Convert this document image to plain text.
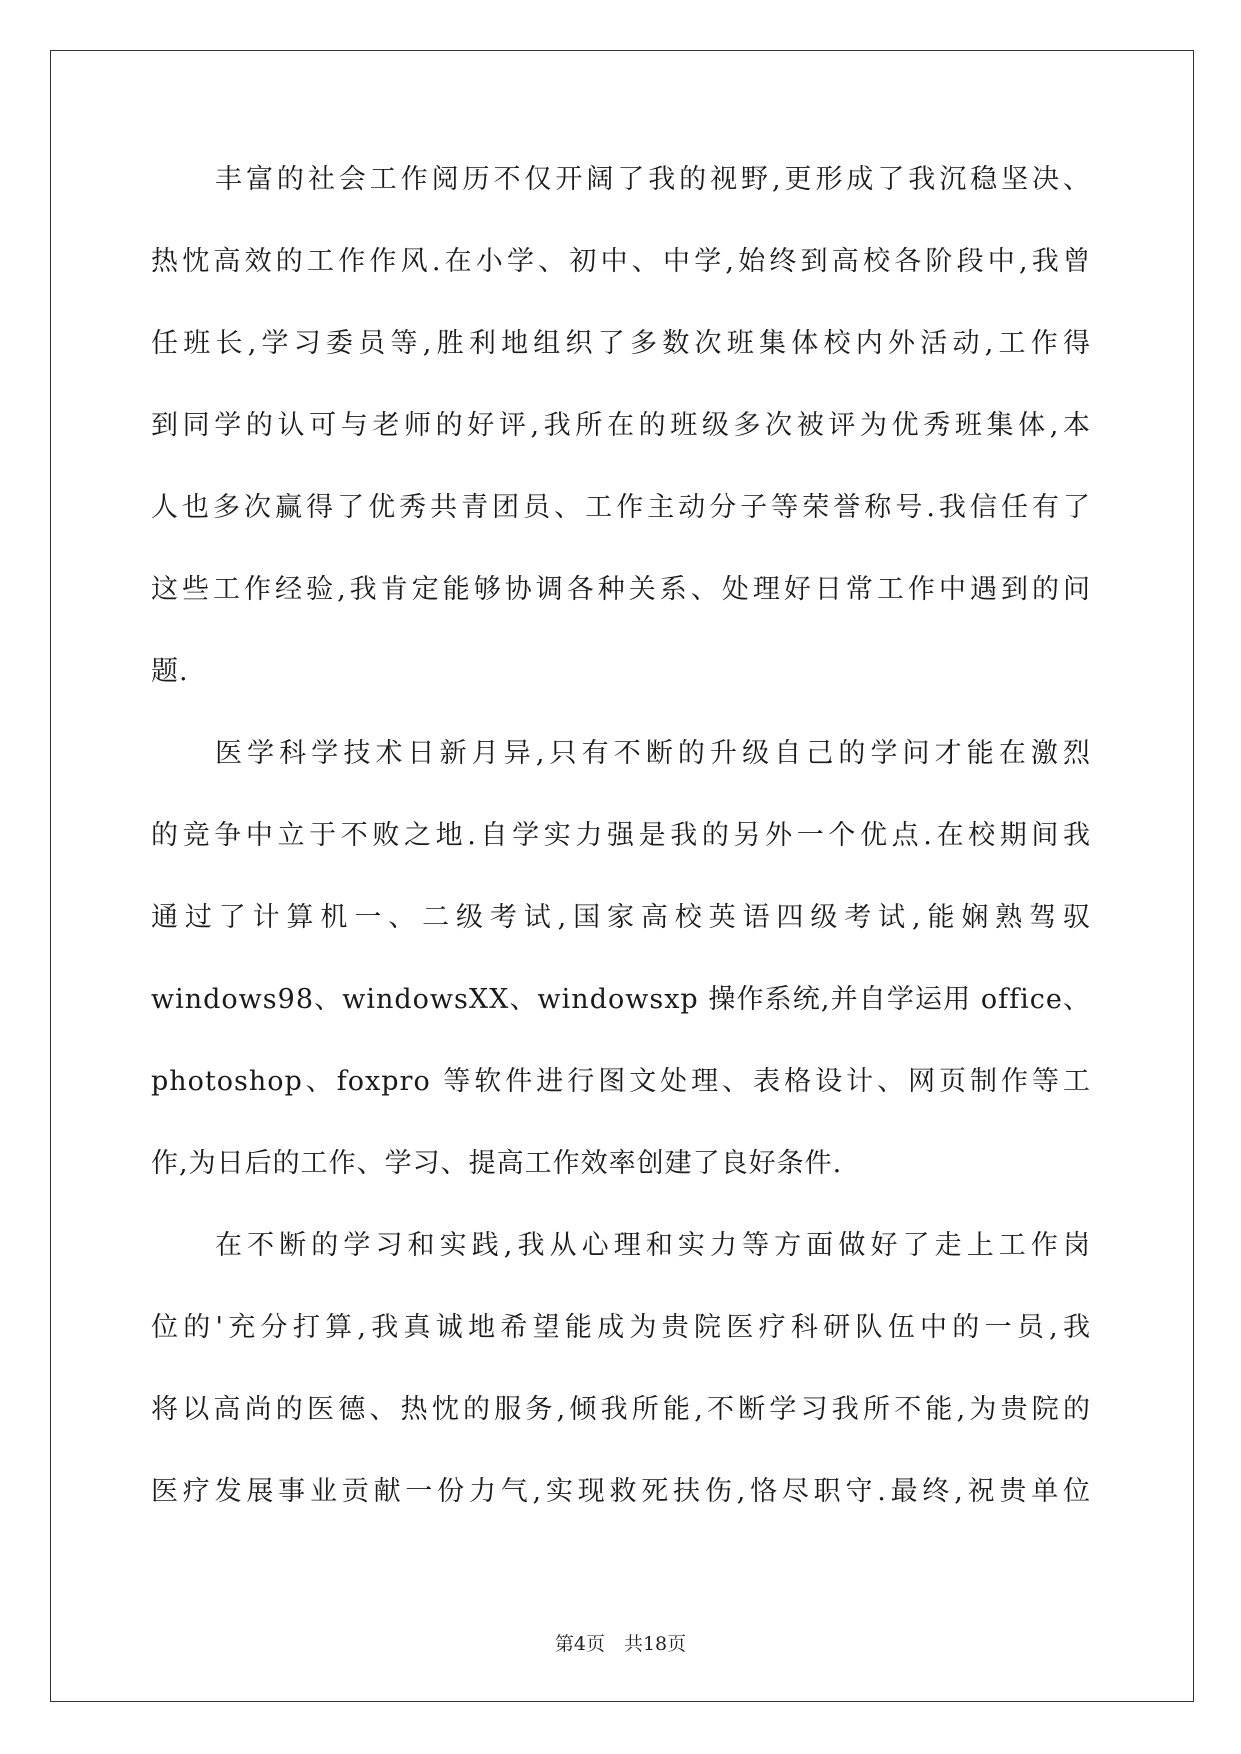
丰富的社会工作阅历不仅开阔了我的视野,更形成了我沉稳坚决、
热忱高效的工作作风.在小学、初中、中学,始终到高校各阶段中,我曾
任班长,学习委员等,胜利地组织了多数次班集体校内外活动,工作得
到同学的认可与老师的好评,我所在的班级多次被评为优秀班集体,本
人也多次赢得了优秀共青团员、工作主动分子等荣誉称号.我信任有了
这些工作经验,我肯定能够协调各种关系、处理好日常工作中遇到的问
题.
医学科学技术日新月异,只有不断的升级自己的学问才能在激烈
的竞争中立于不败之地.自学实力强是我的另外一个优点.在校期间我
通过了计算机一、二级考试,国家高校英语四级考试,能娴熟驾驭
windows98、windowsXX、windowsxp 操作系统,并自学运用 office、
photoshop、foxpro 等软件进行图文处理、表格设计、网页制作等工
作,为日后的工作、学习、提高工作效率创建了良好条件.
在不断的学习和实践,我从心理和实力等方面做好了走上工作岗
位的'充分打算,我真诚地希望能成为贵院医疗科研队伍中的一员,我
将以高尚的医德、热忱的服务,倾我所能,不断学习我所不能,为贵院的
医疗发展事业贡献一份力气,实现救死扶伤,恪尽职守.最终,祝贵单位
第4页　共18页
